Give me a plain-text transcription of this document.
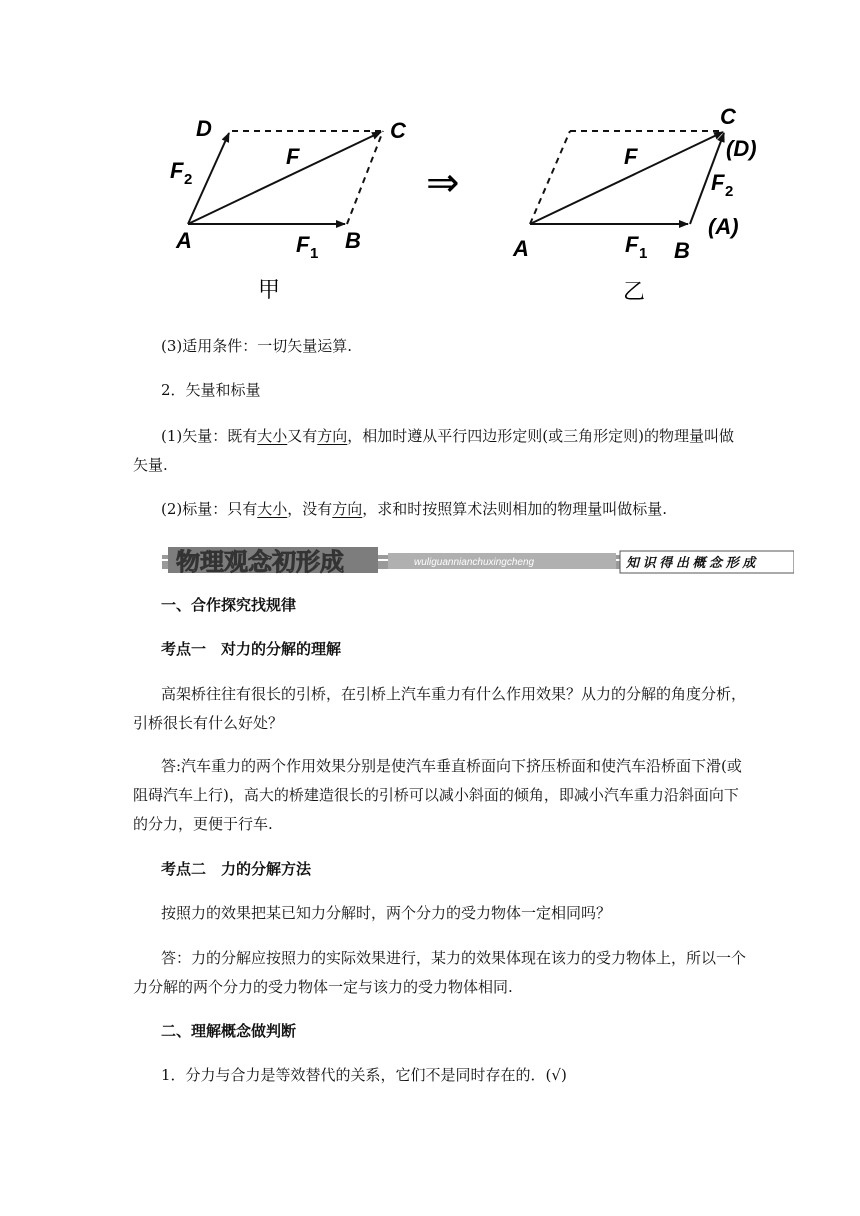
A	B
C
D
F
F 1
F 2
甲
⇒
A	B
C
(D)
F
F 1
F 2
(A)
乙
(3)适用条件：一切矢量运算.
2．矢量和标量
(1)矢量：既有大小又有方向，相加时遵从平行四边形定则(或三角形定则)的物理量叫做矢量.
(2)标量：只有大小，没有方向，求和时按照算术法则相加的物理量叫做标量.
物理观念初形成	wuliguannianchuxingcheng	知 识 得 出 概 念 形 成
一、合作探究找规律
考点一　对力的分解的理解
高架桥往往有很长的引桥，在引桥上汽车重力有什么作用效果？从力的分解的角度分析，引桥很长有什么好处？
答:汽车重力的两个作用效果分别是使汽车垂直桥面向下挤压桥面和使汽车沿桥面下滑(或阻碍汽车上行)，高大的桥建造很长的引桥可以减小斜面的倾角，即减小汽车重力沿斜面向下的分力，更便于行车.
考点二　力的分解方法
按照力的效果把某已知力分解时，两个分力的受力物体一定相同吗？
答：力的分解应按照力的实际效果进行，某力的效果体现在该力的受力物体上，所以一个力分解的两个分力的受力物体一定与该力的受力物体相同.
二、理解概念做判断
1．分力与合力是等效替代的关系，它们不是同时存在的．(√)
